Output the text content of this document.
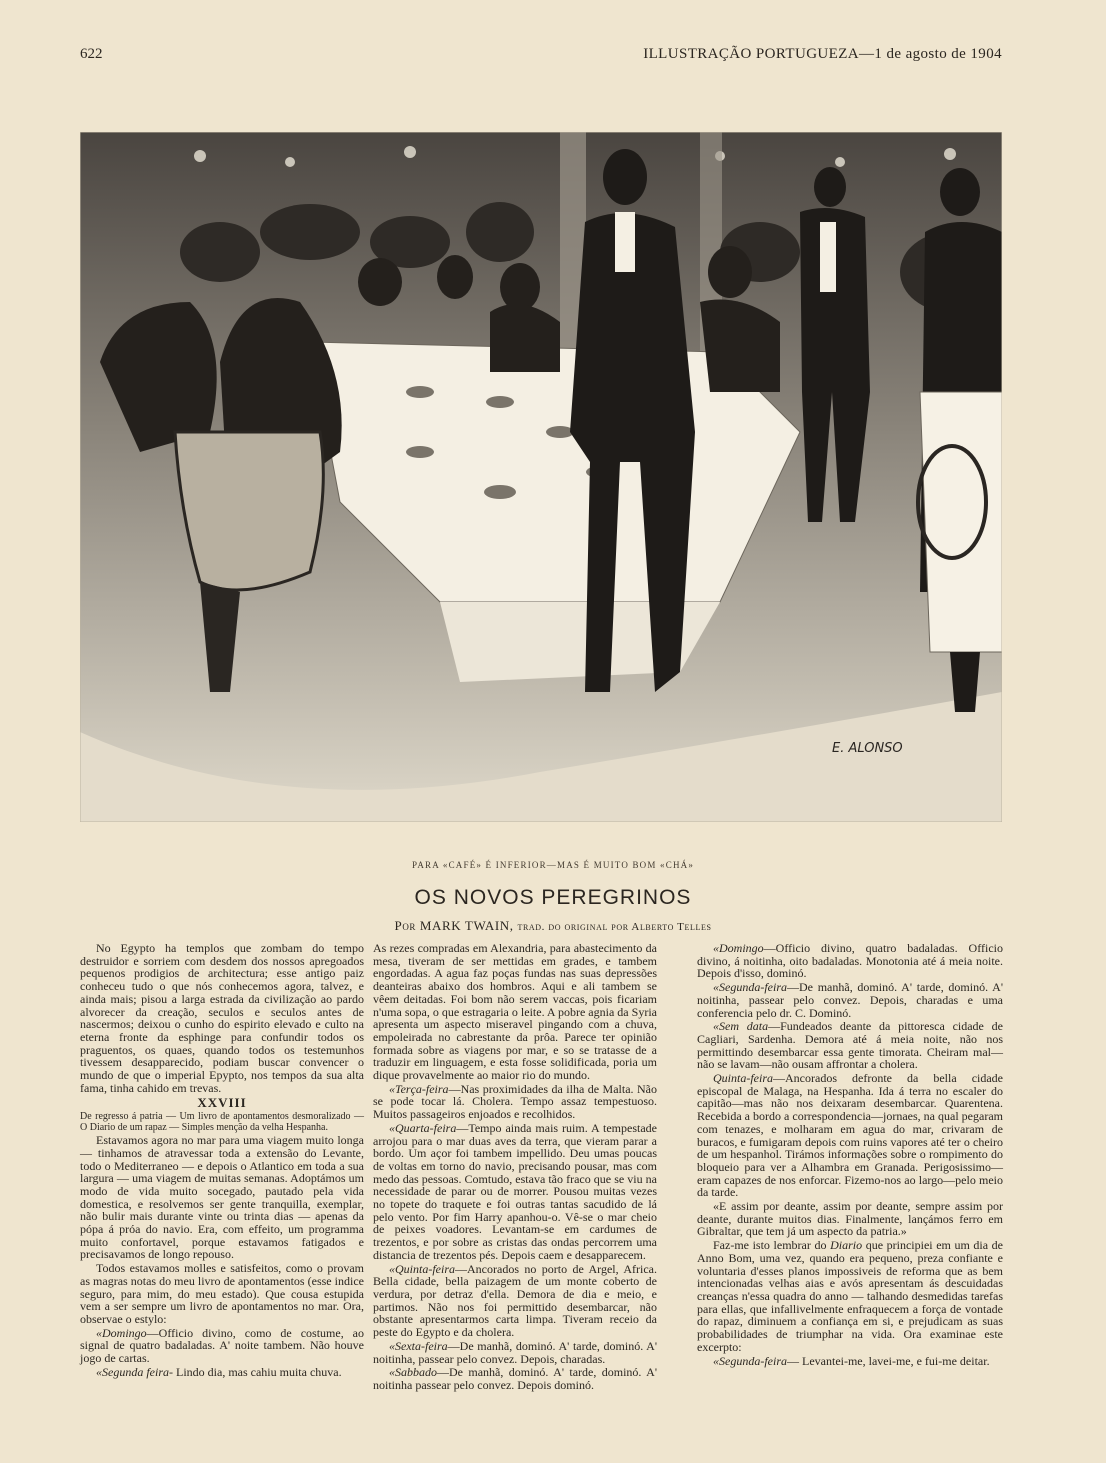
622	ILLUSTRAÇÃO PORTUGUEZA—1 de agosto de 1904
E. ALONSO
PARA «CAFÉ» É INFERIOR—MAS É MUITO BOM «CHÁ»
OS NOVOS PEREGRINOS
Por MARK TWAIN, trad. do original por Alberto Telles

No Egypto ha templos que zombam do tempo destruidor e sorriem com desdem dos nossos apregoados pequenos prodigios de architectura; esse antigo paiz conheceu tudo o que nós conhecemos agora, talvez, e ainda mais; pisou a larga estrada da civilização ao pardo alvorecer da creação, seculos e seculos antes de nascermos; deixou o cunho do espirito elevado e culto na eterna fronte da esphinge para confundir todos os praguentos, os quaes, quando todos os testemunhos tivessem desapparecido, podiam buscar convencer o mundo de que o imperial Epypto, nos tempos da sua alta fama, tinha cahido em trevas.

XXVIII

De regresso á patria — Um livro de apontamentos desmoralizado — O Diario de um rapaz — Simples menção da velha Hespanha.

Estavamos agora no mar para uma viagem muito longa — tinhamos de atravessar toda a extensão do Levante, todo o Mediterraneo — e depois o Atlantico em toda a sua largura — uma viagem de muitas semanas. Adoptámos um modo de vida muito socegado, pautado pela vida domestica, e resolvemos ser gente tranquilla, exemplar, não bulir mais durante vinte ou trinta dias — apenas da pópa á próa do navio. Era, com effeito, um programma muito confortavel, porque estavamos fatigados e precisavamos de longo repouso.

Todos estavamos molles e satisfeitos, como o provam as magras notas do meu livro de apontamentos (esse indice seguro, para mim, do meu estado). Que cousa estupida vem a ser sempre um livro de apontamentos no mar. Ora, observae o estylo:

«Domingo—Officio divino, como de costume, ao signal de quatro badaladas. A' noite tambem. Não houve jogo de cartas.

«Segunda feira- Lindo dia, mas cahiu muita chuva.

As rezes compradas em Alexandria, para abastecimento da mesa, tiveram de ser mettidas em grades, e tambem engordadas. A agua faz poças fundas nas suas depressões deanteiras abaixo dos hombros. Aqui e ali tambem se vêem deitadas. Foi bom não serem vaccas, pois ficariam n'uma sopa, o que estragaria o leite. A pobre agnia da Syria apresenta um aspecto miseravel pingando com a chuva, empoleirada no cabrestante da prôa. Parece ter opinião formada sobre as viagens por mar, e so se tratasse de a traduzir em linguagem, e esta fosse solidificada, poria um dique provavelmente ao maior rio do mundo.

«Terça-feira—Nas proximidades da ilha de Malta. Não se pode tocar lá. Cholera. Tempo assaz tempestuoso. Muitos passageiros enjoados e recolhidos.

«Quarta-feira—Tempo ainda mais ruim. A tempestade arrojou para o mar duas aves da terra, que vieram parar a bordo. Um açor foi tambem impellido. Deu umas poucas de voltas em torno do navio, precisando pousar, mas com medo das pessoas. Comtudo, estava tão fraco que se viu na necessidade de parar ou de morrer. Pousou muitas vezes no topete do traquete e foi outras tantas sacudido de lá pelo vento. Por fim Harry apanhou-o. Vê-se o mar cheio de peixes voadores. Levantam-se em cardumes de trezentos, e por sobre as cristas das ondas percorrem uma distancia de trezentos pés. Depois caem e desapparecem.

«Quinta-feira—Ancorados no porto de Argel, Africa. Bella cidade, bella paizagem de um monte coberto de verdura, por detraz d'ella. Demora de dia e meio, e partimos. Não nos foi permittido desembarcar, não obstante apresentarmos carta limpa. Tiveram receio da peste do Egypto e da cholera.

«Sexta-feira—De manhã, dominó. A' tarde, dominó. A' noitinha, passear pelo convez. Depois, charadas.

«Sabbado—De manhã, dominó. A' tarde, dominó. A' noitinha passear pelo convez. Depois dominó.

«Domingo—Officio divino, quatro badaladas. Officio divino, á noitinha, oito badaladas. Monotonia até á meia noite. Depois d'isso, dominó.

«Segunda-feira—De manhã, dominó. A' tarde, dominó. A' noitinha, passear pelo convez. Depois, charadas e uma conferencia pelo dr. C. Dominó.

«Sem data—Fundeados deante da pittoresca cidade de Cagliari, Sardenha. Demora até á meia noite, não nos permittindo desembarcar essa gente timorata. Cheiram mal—não se lavam—não ousam affrontar a cholera.

Quinta-feira—Ancorados defronte da bella cidade episcopal de Malaga, na Hespanha. Ida á terra no escaler do capitão—mas não nos deixaram desembarcar. Quarentena. Recebida a bordo a correspondencia—jornaes, na qual pegaram com tenazes, e molharam em agua do mar, crivaram de buracos, e fumigaram depois com ruins vapores até ter o cheiro de um hespanhol. Tirámos informações sobre o rompimento do bloqueio para ver a Alhambra em Granada. Perigosissimo—eram capazes de nos enforcar. Fizemo-nos ao largo—pelo meio da tarde.

«E assim por deante, assim por deante, sempre assim por deante, durante muitos dias. Finalmente, lançámos ferro em Gibraltar, que tem já um aspecto da patria.»

Faz-me isto lembrar do Diario que principiei em um dia de Anno Bom, uma vez, quando era pequeno, preza confiante e voluntaria d'esses planos impossiveis de reforma que as bem intencionadas velhas aias e avós apresentam ás descuidadas creanças n'essa quadra do anno — talhando desmedidas tarefas para ellas, que infallivelmente enfraquecem a força de vontade do rapaz, diminuem a confiança em si, e prejudicam as suas probabilidades de triumphar na vida. Ora examinae este excerpto:

«Segunda-feira— Levantei-me, lavei-me, e fui-me deitar.
